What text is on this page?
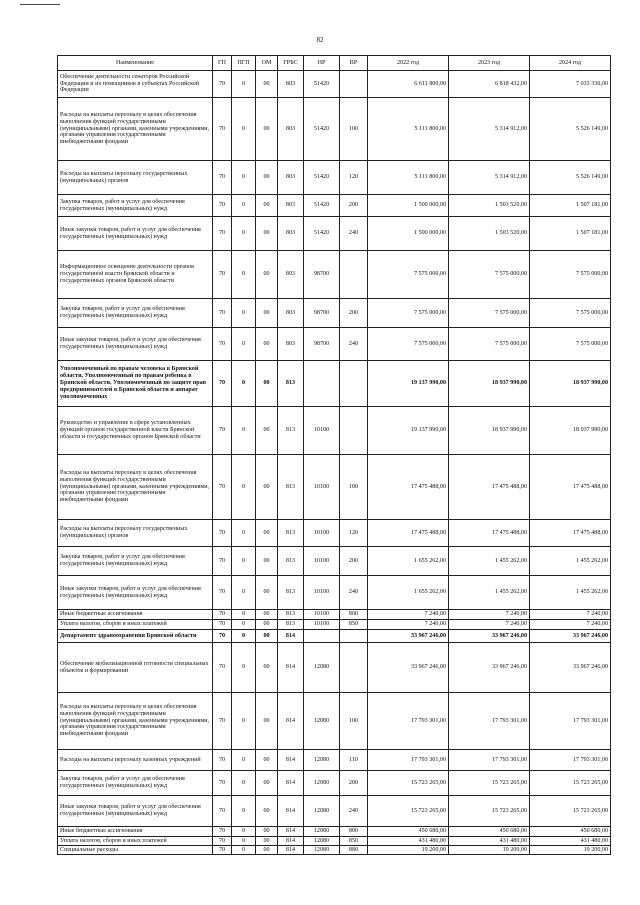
82
Наименование	ГП	ПГП	ОМ	ГРБС	НР	ВР	2022 год	2023 год	2024 год
Обеспечение деятельности сенаторов Российской Федерации и их помощников в субъектах Российской Федерации	70	0	00	803	51420		6 611 800,00	6 818 432,00	7 033 330,00
Расходы на выплаты персоналу в целях обеспечения выполнения функций государственными (муниципальными) органами, казенными учреждениями, органами управления государственными внебюджетными фондами	70	0	00	803	51420	100	5 111 800,00	5 314 912,00	5 526 149,00
Расходы на выплаты персоналу государственных (муниципальных) органов	70	0	00	803	51420	120	5 111 800,00	5 314 912,00	5 526 149,00
Закупка товаров, работ и услуг для обеспечения государственных (муниципальных) нужд	70	0	00	803	51420	200	1 500 000,00	1 503 520,00	1 507 181,00
Иные закупки товаров, работ и услуг для обеспечения государственных (муниципальных) нужд	70	0	00	803	51420	240	1 500 000,00	1 503 520,00	1 507 181,00
Информационное освещение деятельности органов государственной власти Брянской области и государственных органов Брянской области	70	0	00	803	98700		7 575 000,00	7 575 000,00	7 575 000,00
Закупка товаров, работ и услуг для обеспечения государственных (муниципальных) нужд	70	0	00	803	98700	200	7 575 000,00	7 575 000,00	7 575 000,00
Иные закупки товаров, работ и услуг для обеспечения государственных (муниципальных) нужд	70	0	00	803	98700	240	7 575 000,00	7 575 000,00	7 575 000,00
Уполномоченный по правам человека в Брянской области, Уполномоченный по правам ребенка в Брянской области, Уполномоченный по защите прав предпринимателей в Брянской области и аппарат уполномоченных	70	0	00	813			19 137 990,00	18 937 990,00	18 937 990,00
Руководство и управление в сфере установленных функций органов государственной власти Брянской области и государственных органов Брянской области	70	0	00	813	10100		19 137 990,00	18 937 990,00	18 937 990,00
Расходы на выплаты персоналу в целях обеспечения выполнения функций государственными (муниципальными) органами, казенными учреждениями, органами управления государственными внебюджетными фондами	70	0	00	813	10100	100	17 475 488,00	17 475 488,00	17 475 488,00
Расходы на выплаты персоналу государственных (муниципальных) органов	70	0	00	813	10100	120	17 475 488,00	17 475 488,00	17 475 488,00
Закупка товаров, работ и услуг для обеспечения государственных (муниципальных) нужд	70	0	00	813	10100	200	1 655 262,00	1 455 262,00	1 455 262,00
Иные закупки товаров, работ и услуг для обеспечения государственных (муниципальных) нужд	70	0	00	813	10100	240	1 655 262,00	1 455 262,00	1 455 262,00
Иные бюджетные ассигнования	70	0	00	813	10100	800	7 240,00	7 240,00	7 240,00
Уплата налогов, сборов и иных платежей	70	0	00	813	10100	850	7 240,00	7 240,00	7 240,00
Департамент здравоохранения Брянской области	70	0	00	814			33 967 246,00	33 967 246,00	33 967 246,00
Обеспечение мобилизационной готовности специальных объектов и формирований	70	0	00	814	12080		33 967 246,00	33 967 246,00	33 967 246,00
Расходы на выплаты персоналу в целях обеспечения выполнения функций государственными (муниципальными) органами, казенными учреждениями, органами управления государственными внебюджетными фондами	70	0	00	814	12080	100	17 793 301,00	17 793 301,00	17 793 301,00
Расходы на выплаты персоналу казенных учреждений	70	0	00	814	12080	110	17 793 301,00	17 793 301,00	17 793 301,00
Закупка товаров, работ и услуг для обеспечения государственных (муниципальных) нужд	70	0	00	814	12080	200	15 723 265,00	15 723 265,00	15 723 265,00
Иные закупки товаров, работ и услуг для обеспечения государственных (муниципальных) нужд	70	0	00	814	12080	240	15 723 265,00	15 723 265,00	15 723 265,00
Иные бюджетные ассигнования	70	0	00	814	12080	800	450 680,00	450 680,00	450 680,00
Уплата налогов, сборов и иных платежей	70	0	00	814	12080	850	431 480,00	431 480,00	431 480,00
Специальные расходы	70	0	00	814	12080	880	19 200,00	19 200,00	19 200,00
